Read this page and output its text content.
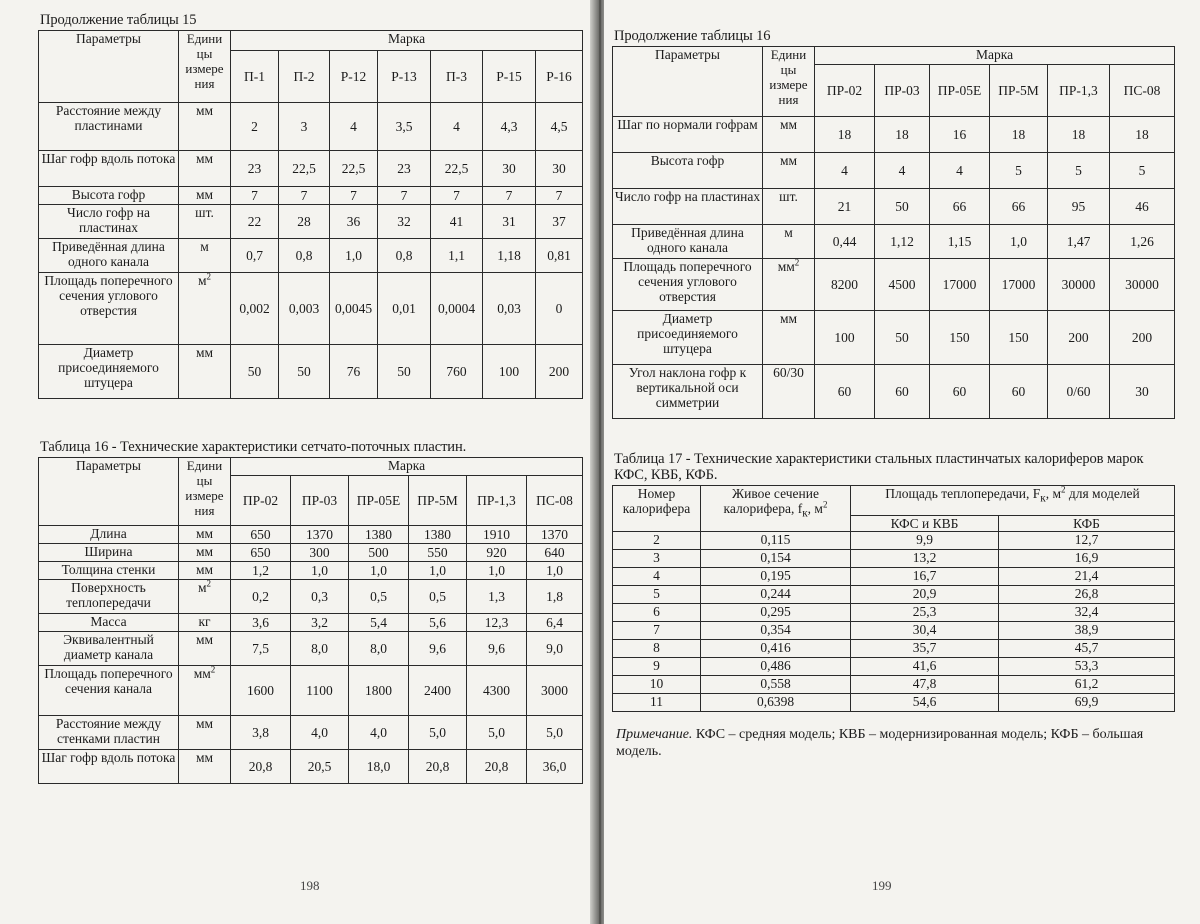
Продолжение таблицы 15
Параметры	Едини цы измере ния	Марка						
		П-1	П-2	Р-12	Р-13	П-3	Р-15	Р-16
Расстояние между пластинами	мм	2	3	4	3,5	4	4,3	4,5
Шаг гофр вдоль потока	мм	23	22,5	22,5	23	22,5	30	30
Высота гофр	мм	7	7	7	7	7	7	7
Число гофр на пластинах	шт.	22	28	36	32	41	31	37
Приведённая длина одного канала	м	0,7	0,8	1,0	0,8	1,1	1,18	0,81
Площадь поперечного сечения углового отверстия	$м^2$	0,002	0,003	0,0045	0,01	0,0004	0,03	0
Диаметр присоединяемого штуцера	мм	50	50	76	50	760	100	200
Таблица 16 - Технические характеристики сетчато-поточных пластин.
Параметры	Едини цы измере ния	Марка					
		ПР-02	ПР-03	ПР-05Е	ПР-5М	ПР-1,3	ПС-08
Длина	мм	650	1370	1380	1380	1910	1370
Ширина	мм	650	300	500	550	920	640
Толщина стенки	мм	1,2	1,0	1,0	1,0	1,0	1,0
Поверхность теплопередачи	$м^2$	0,2	0,3	0,5	0,5	1,3	1,8
Масса	кг	3,6	3,2	5,4	5,6	12,3	6,4
Эквивалентный диаметр канала	мм	7,5	8,0	8,0	9,6	9,6	9,0
Площадь поперечного сечения канала	$мм^2$	1600	1100	1800	2400	4300	3000
Расстояние между стенками пластин	мм	3,8	4,0	4,0	5,0	5,0	5,0
Шаг гофр вдоль потока	мм	20,8	20,5	18,0	20,8	20,8	36,0
198
Продолжение таблицы 16
Параметры	Едини цы измере ния	Марка					
		ПР-02	ПР-03	ПР-05Е	ПР-5М	ПР-1,3	ПС-08
Шаг по нормали гофрам	мм	18	18	16	18	18	18
Высота гофр	мм	4	4	4	5	5	5
Число гофр на пластинах	шт.	21	50	66	66	95	46
Приведённая длина одного канала	м	0,44	1,12	1,15	1,0	1,47	1,26
Площадь поперечного сечения углового отверстия	$мм^2$	8200	4500	17000	17000	30000	30000
Диаметр присоединяемого штуцера	мм	100	50	150	150	200	200
Угол наклона гофр к вертикальной оси симметрии	60/30	60	60	60	60	0/60	30
Таблица 17 - Технические характеристики стальных пластинчатых калориферов марок КФС, КВБ, КФБ.
Номер калорифера	Живое сечение калорифера, $f_к$, $м^2$	Площадь теплопередачи, $F_к$, $м^2$ для моделей	
		КФС и КВБ	КФБ
2	0,115	9,9	12,7
3	0,154	13,2	16,9
4	0,195	16,7	21,4
5	0,244	20,9	26,8
6	0,295	25,3	32,4
7	0,354	30,4	38,9
8	0,416	35,7	45,7
9	0,486	41,6	53,3
10	0,558	47,8	61,2
11	0,6398	54,6	69,9
Примечание. КФС – средняя модель; КВБ – модернизированная модель; КФБ – большая модель.
199
